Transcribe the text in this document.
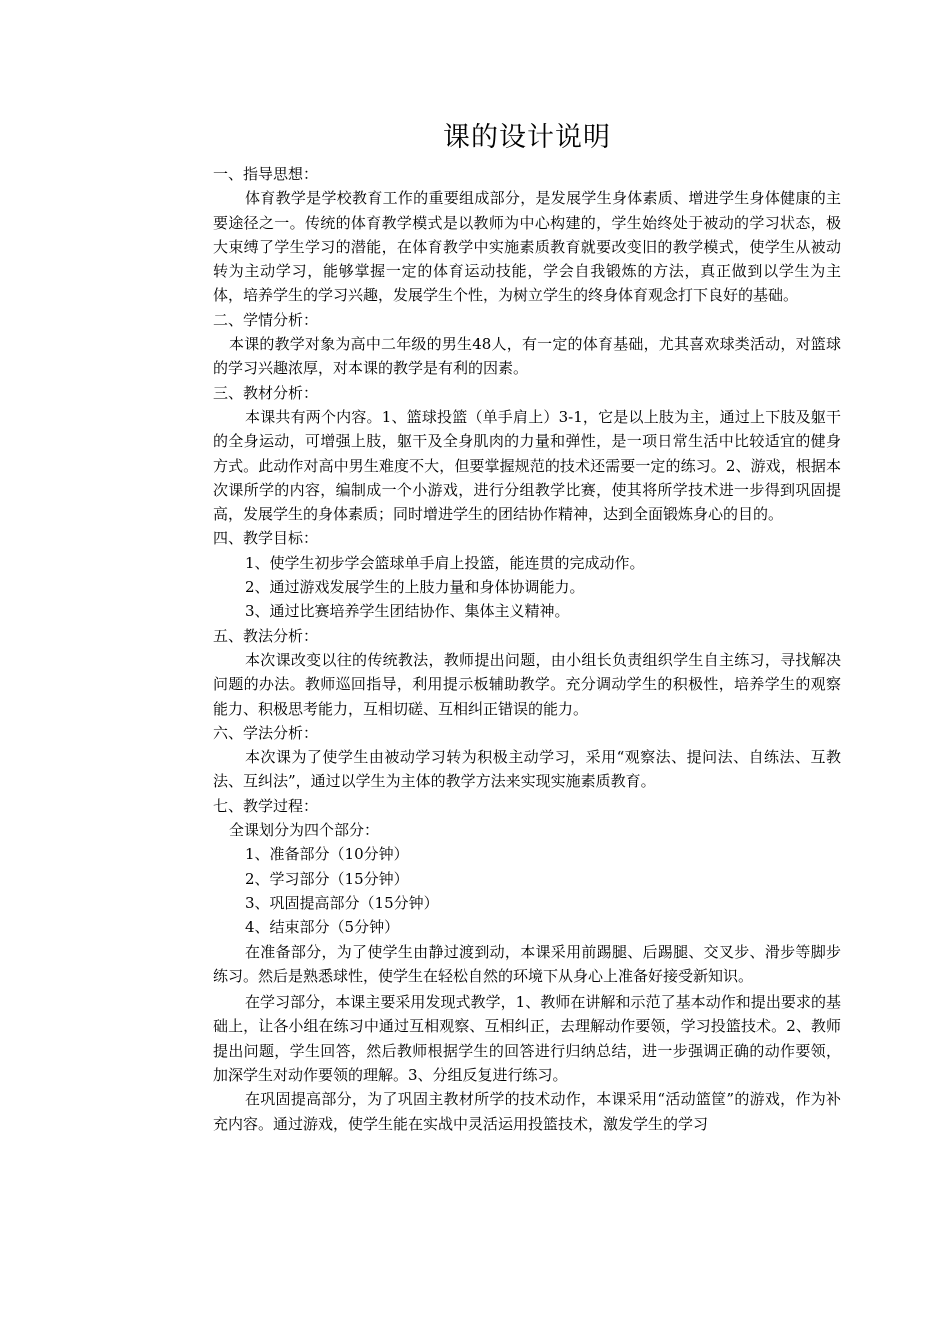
课的设计说明

一、指导思想：

体育教学是学校教育工作的重要组成部分，是发展学生身体素质、增进学生身体健康的主要途径之一。传统的体育教学模式是以教师为中心构建的，学生始终处于被动的学习状态，极大束缚了学生学习的潜能，在体育教学中实施素质教育就要改变旧的教学模式，使学生从被动转为主动学习，能够掌握一定的体育运动技能，学会自我锻炼的方法，真正做到以学生为主体，培养学生的学习兴趣，发展学生个性，为树立学生的终身体育观念打下良好的基础。

二、学情分析：

本课的教学对象为高中二年级的男生48人，有一定的体育基础，尤其喜欢球类活动，对篮球的学习兴趣浓厚，对本课的教学是有利的因素。

三、教材分析：

本课共有两个内容。1、篮球投篮（单手肩上）3-1，它是以上肢为主，通过上下肢及躯干的全身运动，可增强上肢，躯干及全身肌肉的力量和弹性，是一项日常生活中比较适宜的健身方式。此动作对高中男生难度不大，但要掌握规范的技术还需要一定的练习。2、游戏，根据本次课所学的内容，编制成一个小游戏，进行分组教学比赛，使其将所学技术进一步得到巩固提高，发展学生的身体素质；同时增进学生的团结协作精神，达到全面锻炼身心的目的。

四、教学目标：

1、使学生初步学会篮球单手肩上投篮，能连贯的完成动作。

2、通过游戏发展学生的上肢力量和身体协调能力。

3、通过比赛培养学生团结协作、集体主义精神。

五、教法分析：

本次课改变以往的传统教法，教师提出问题，由小组长负责组织学生自主练习，寻找解决问题的办法。教师巡回指导，利用提示板辅助教学。充分调动学生的积极性，培养学生的观察能力、积极思考能力，互相切磋、互相纠正错误的能力。

六、学法分析：

本次课为了使学生由被动学习转为积极主动学习，采用“观察法、提问法、自练法、互教法、互纠法”，通过以学生为主体的教学方法来实现实施素质教育。

七、教学过程：

全课划分为四个部分：

1、准备部分（10分钟）

2、学习部分（15分钟）

3、巩固提高部分（15分钟）

4、结束部分（5分钟）

在准备部分，为了使学生由静过渡到动，本课采用前踢腿、后踢腿、交叉步、滑步等脚步练习。然后是熟悉球性，使学生在轻松自然的环境下从身心上准备好接受新知识。

在学习部分，本课主要采用发现式教学，1、教师在讲解和示范了基本动作和提出要求的基础上，让各小组在练习中通过互相观察、互相纠正，去理解动作要领，学习投篮技术。2、教师提出问题，学生回答，然后教师根据学生的回答进行归纳总结，进一步强调正确的动作要领，加深学生对动作要领的理解。3、分组反复进行练习。

在巩固提高部分，为了巩固主教材所学的技术动作，本课采用“活动篮筐”的游戏，作为补充内容。通过游戏，使学生能在实战中灵活运用投篮技术，激发学生的学习
